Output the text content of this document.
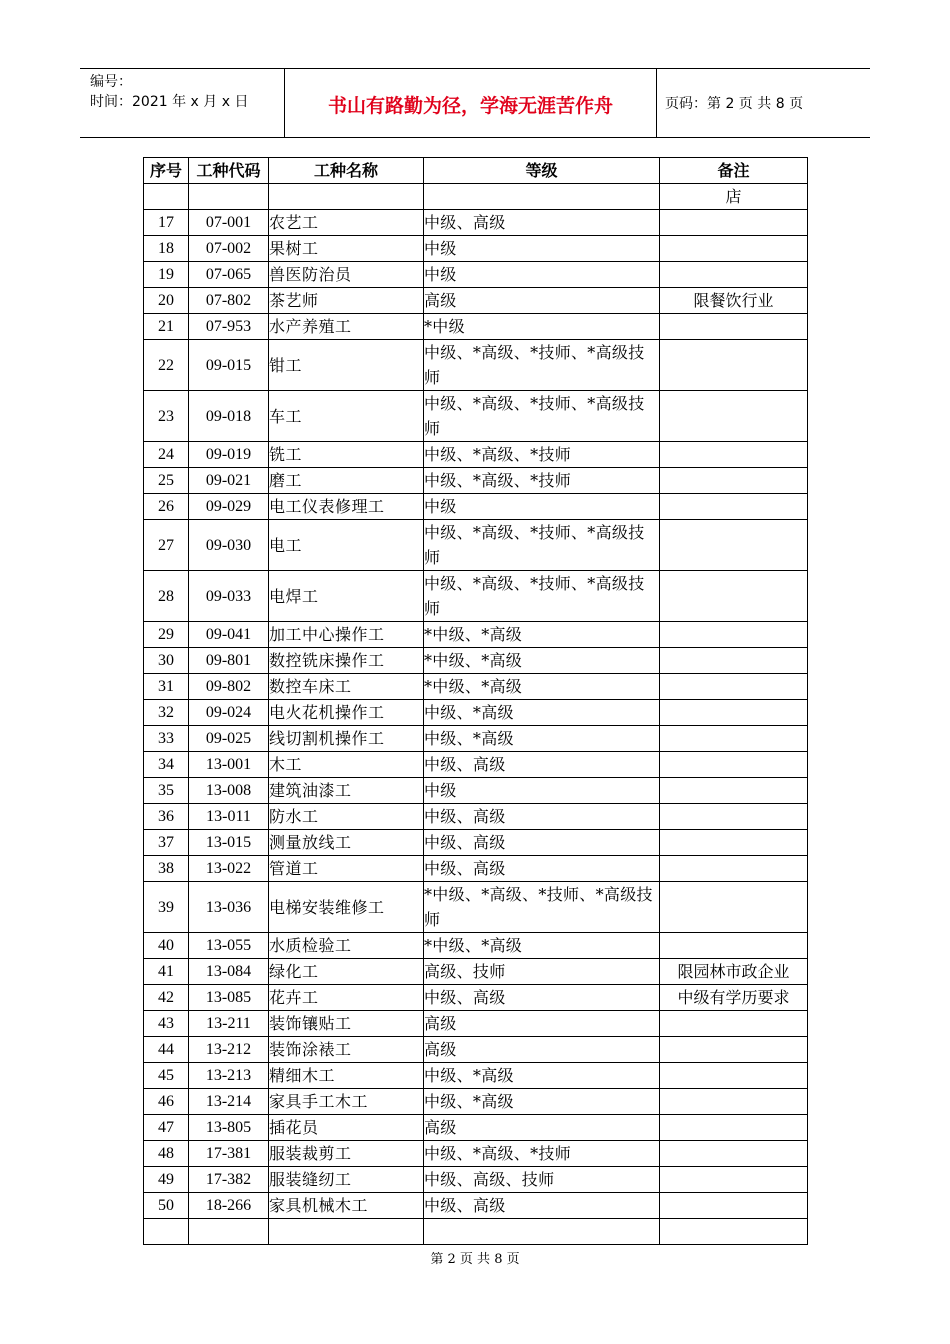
编号：
时间：2021 年 x 月 x 日	书山有路勤为径，学海无涯苦作舟	页码：第 2 页 共 8 页
序号	工种代码	工种名称	等级	备注
				店
17	07-001	农艺工	中级、高级	
18	07-002	果树工	中级	
19	07-065	兽医防治员	中级	
20	07-802	茶艺师	高级	限餐饮行业
21	07-953	水产养殖工	*中级	
22	09-015	钳工	中级、*高级、*技师、*高级技师	
23	09-018	车工	中级、*高级、*技师、*高级技师	
24	09-019	铣工	中级、*高级、*技师	
25	09-021	磨工	中级、*高级、*技师	
26	09-029	电工仪表修理工	中级	
27	09-030	电工	中级、*高级、*技师、*高级技师	
28	09-033	电焊工	中级、*高级、*技师、*高级技师	
29	09-041	加工中心操作工	*中级、*高级	
30	09-801	数控铣床操作工	*中级、*高级	
31	09-802	数控车床工	*中级、*高级	
32	09-024	电火花机操作工	中级、*高级	
33	09-025	线切割机操作工	中级、*高级	
34	13-001	木工	中级、高级	
35	13-008	建筑油漆工	中级	
36	13-011	防水工	中级、高级	
37	13-015	测量放线工	中级、高级	
38	13-022	管道工	中级、高级	
39	13-036	电梯安装维修工	*中级、*高级、*技师、*高级技师	
40	13-055	水质检验工	*中级、*高级	
41	13-084	绿化工	高级、技师	限园林市政企业
42	13-085	花卉工	中级、高级	中级有学历要求
43	13-211	装饰镶贴工	高级	
44	13-212	装饰涂裱工	高级	
45	13-213	精细木工	中级、*高级	
46	13-214	家具手工木工	中级、*高级	
47	13-805	插花员	高级	
48	17-381	服装裁剪工	中级、*高级、*技师	
49	17-382	服装缝纫工	中级、高级、技师	
50	18-266	家具机械木工	中级、高级	

第 2 页 共 8 页
